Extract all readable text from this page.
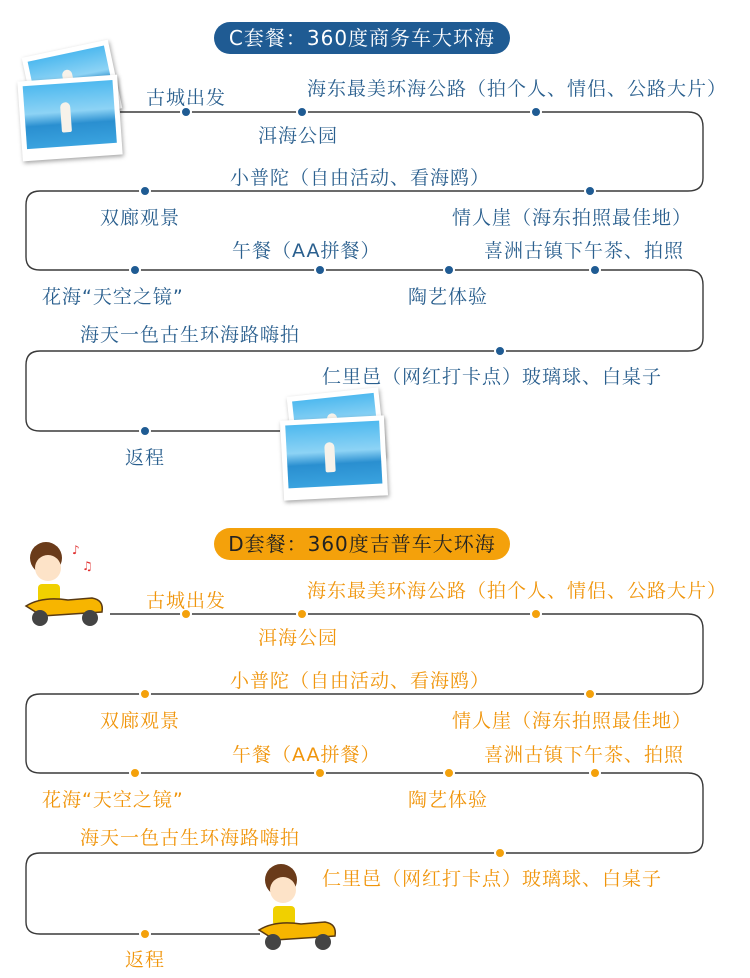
C套餐：360度商务车大环海
古城出发	海东最美环海公路（拍个人、情侣、公路大片）
洱海公园
小普陀（自由活动、看海鸥）
双廊观景	情人崖（海东拍照最佳地）
午餐（AA拼餐）	喜洲古镇下午茶、拍照
花海“天空之镜”	陶艺体验
海天一色古生环海路嗨拍
仁里邑（网红打卡点）玻璃球、白桌子
返程
D套餐：360度吉普车大环海
♪
♫
古城出发	海东最美环海公路（拍个人、情侣、公路大片）
洱海公园
小普陀（自由活动、看海鸥）
双廊观景	情人崖（海东拍照最佳地）
午餐（AA拼餐）	喜洲古镇下午茶、拍照
花海“天空之镜”	陶艺体验
海天一色古生环海路嗨拍
仁里邑（网红打卡点）玻璃球、白桌子
返程
